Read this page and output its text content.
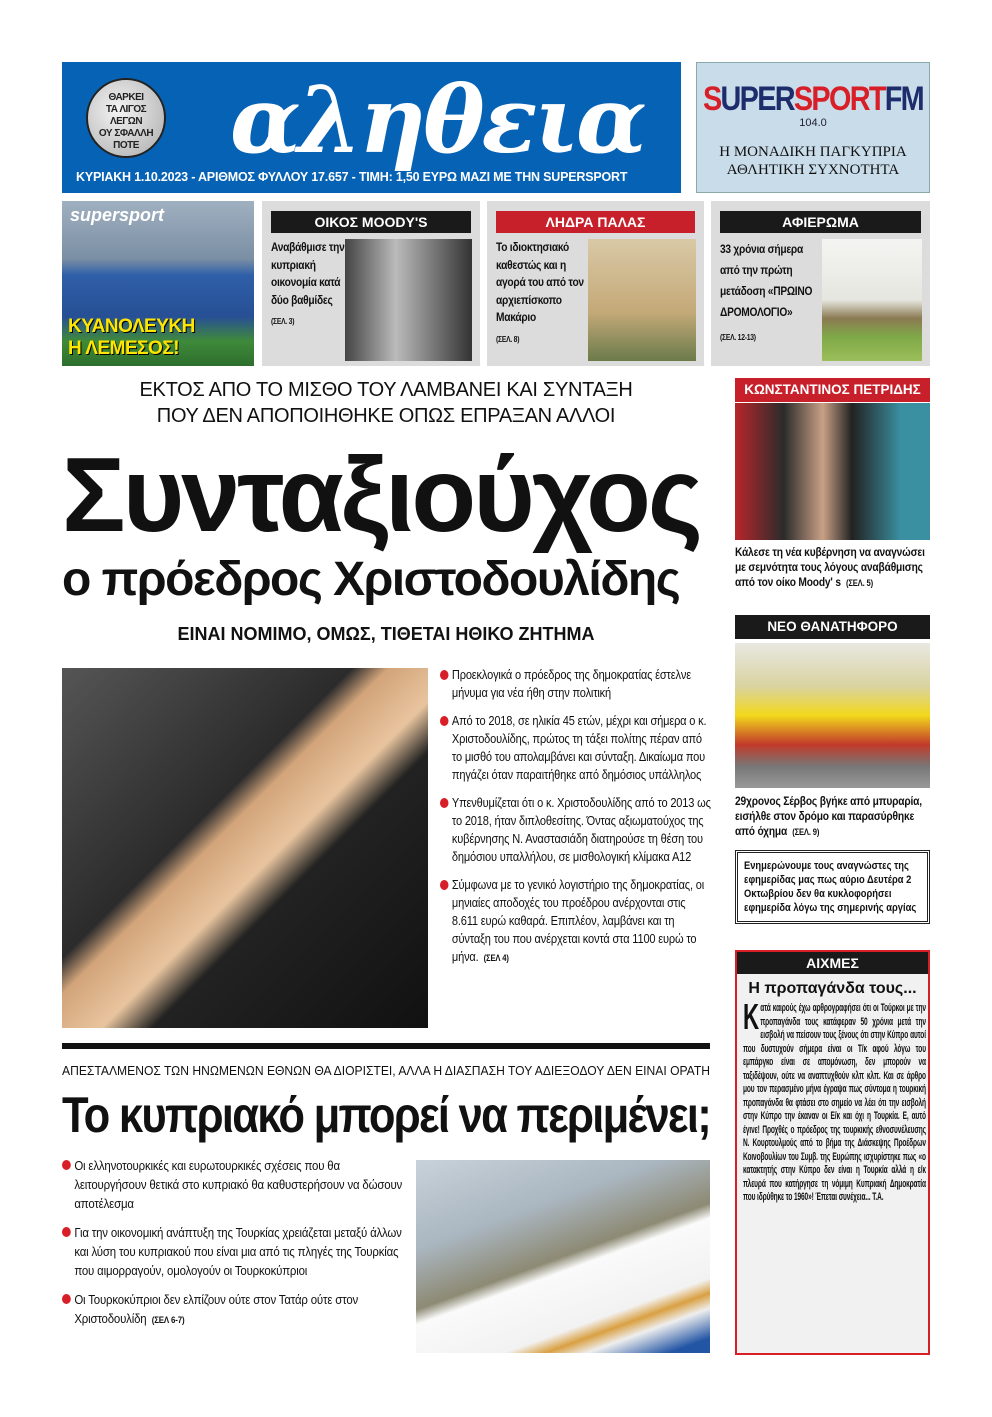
ΘΑΡΚΕΙ
ΤΑ ΛΙΓΟΣ
ΛΕΓΩΝ
ΟΥ ΣΦΑΛΛΗ
ΠΟΤΕ αληθεια
ΚΥΡΙΑΚΗ 1.10.2023 - ΑΡΙΘΜΟΣ ΦΥΛΛΟΥ 17.657 - ΤΙΜΗ: 1,50 ΕΥΡΩ ΜΑΖΙ ΜΕ ΤΗΝ SUPERSPORT
SUPERSPORTFM
104.0
Η ΜΟΝΑΔΙΚΗ ΠΑΓΚΥΠΡΙΑ
ΑΘΛΗΤΙΚΗ ΣΥΧΝΟΤΗΤΑ
supersport
ΚΥΑΝΟΛΕΥΚΗ
Η ΛΕΜΕΣΟΣ!
ΟΙΚΟΣ MOODY'S
Αναβάθμισε την κυπριακή οικονομία κατά δύο βαθμίδες
(ΣΕΛ. 3)
ΛΗΔΡΑ ΠΑΛΑΣ
Το ιδιοκτησιακό καθεστώς και η αγορά του από τον αρχιεπίσκοπο Μακάριο
(ΣΕΛ. 8)
ΑΦΙΕΡΩΜΑ
33 χρόνια σήμερα από την πρώτη μετάδοση «ΠΡΩΙΝΟ ΔΡΟΜΟΛΟΓΙΟ»
(ΣΕΛ. 12-13)
ΕΚΤΟΣ ΑΠΟ ΤΟ ΜΙΣΘΟ ΤΟΥ ΛΑΜΒΑΝΕΙ ΚΑΙ ΣΥΝΤΑΞΗ
ΠΟΥ ΔΕΝ ΑΠΟΠΟΙΗΘΗΚΕ ΟΠΩΣ ΕΠΡΑΞΑΝ ΑΛΛΟΙ
Συνταξιούχος
ο πρόεδρος Χριστοδουλίδης
ΕΙΝΑΙ ΝΟΜΙΜΟ, ΟΜΩΣ, ΤΙΘΕΤΑΙ ΗΘΙΚΟ ΖΗΤΗΜΑ
Προεκλογικά ο πρόεδρος της δημοκρατίας έστελνε μήνυμα για νέα ήθη στην πολιτική
Από το 2018, σε ηλικία 45 ετών, μέχρι και σήμερα ο κ. Χριστοδουλίδης, πρώτος τη τάξει πολίτης πέραν από το μισθό του απολαμβάνει και σύνταξη. Δικαίωμα που πηγάζει όταν παραιτήθηκε από δημόσιος υπάλληλος
Υπενθυμίζεται ότι ο κ. Χριστοδουλίδης από το 2013 ως το 2018, ήταν διπλοθεσίτης. Όντας αξιωματούχος της κυβέρνησης Ν. Αναστασιάδη διατηρούσε τη θέση του δημόσιου υπαλλήλου, σε μισθολογική κλίμακα Α12
Σύμφωνα με το γενικό λογιστήριο της δημοκρατίας, οι μηνιαίες αποδοχές του προέδρου ανέρχονται στις 8.611 ευρώ καθαρά. Επιπλέον, λαμβάνει και τη σύνταξη του που ανέρχεται κοντά στα 1100 ευρώ το μήνα. (ΣΕΛ 4)
ΑΠΕΣΤΑΛΜΕΝΟΣ ΤΩΝ ΗΝΩΜΕΝΩΝ ΕΘΝΩΝ ΘΑ ΔΙΟΡΙΣΤΕΙ, ΑΛΛΑ Η ΔΙΑΣΠΑΣΗ ΤΟΥ ΑΔΙΕΞΟΔΟΥ ΔΕΝ ΕΙΝΑΙ ΟΡΑΤΗ
Το κυπριακό μπορεί να περιμένει;
Οι ελληνοτουρκικές και ευρωτουρκικές σχέσεις που θα λειτουργήσουν θετικά στο κυπριακό θα καθυστερήσουν να δώσουν αποτέλεσμα
Για την οικονομική ανάπτυξη της Τουρκίας χρειάζεται μεταξύ άλλων και λύση του κυπριακού που είναι μια από τις πληγές της Τουρκίας που αιμορραγούν, ομολογούν οι Τουρκοκύπριοι
Οι Τουρκοκύπριοι δεν ελπίζουν ούτε στον Τατάρ ούτε στον Χριστοδουλίδη (ΣΕΛ 6-7)
ΚΩΝΣΤΑΝΤΙΝΟΣ ΠΕΤΡΙΔΗΣ
Κάλεσε τη νέα κυβέρνηση να αναγνώσει με σεμνότητα τους λόγους αναβάθμισης από τον οίκο Moody' s (ΣΕΛ. 5)
ΝΕΟ ΘΑΝΑΤΗΦΟΡΟ
29χρονος Σέρβος βγήκε από μπυραρία, εισήλθε στον δρόμο και παρασύρθηκε από όχημα (ΣΕΛ. 9)
Ενημερώνουμε τους αναγνώστες της εφημερίδας μας πως αύριο Δευτέρα 2 Οκτωβρίου δεν θα κυκλοφορήσει εφημερίδα λόγω της σημερινής αργίας
ΑΙΧΜΕΣ
Η προπαγάνδα τους...

Κατά καιρούς έχω αρθρογραφήσει ότι οι Τούρκοι με την προπαγάνδα τους κατάφεραν 50 χρόνια μετά την εισβολή να πείσουν τους ξένους ότι στην Κύπρο αυτοί που δυστυχούν σήμερα είναι οι Τ/κ αφού λόγω του εμπάργκο είναι σε απομόνωση, δεν μπορούν να ταξιδέψουν, ούτε να αναπτυχθούν κλπ κλπ. Και σε άρθρο μου τον περασμένο μήνα έγραψα πως σύντομα η τουρκική προπαγάνδα θα φτάσει στο σημείο να λέει ότι την εισβολή στην Κύπρο την έκαναν οι Ε/κ και όχι η Τουρκία. Ε, αυτό έγινε! Προχθές ο πρόεδρος της τουρκικής εθνοσυνέλευσης Ν. Κουρτουλμούς από το βήμα της Διάσκεψης Προέδρων Κοινοβουλίων του Συμβ. της Ευρώπης ισχυρίστηκε πως «ο κατακτητής στην Κύπρο δεν είναι η Τουρκία αλλά η ε/κ πλευρά που κατήργησε τη νόμιμη Κυπριακή Δημοκρατία που ιδρύθηκε το 1960»! Έπεται συνέχεια... Τ.Α.
